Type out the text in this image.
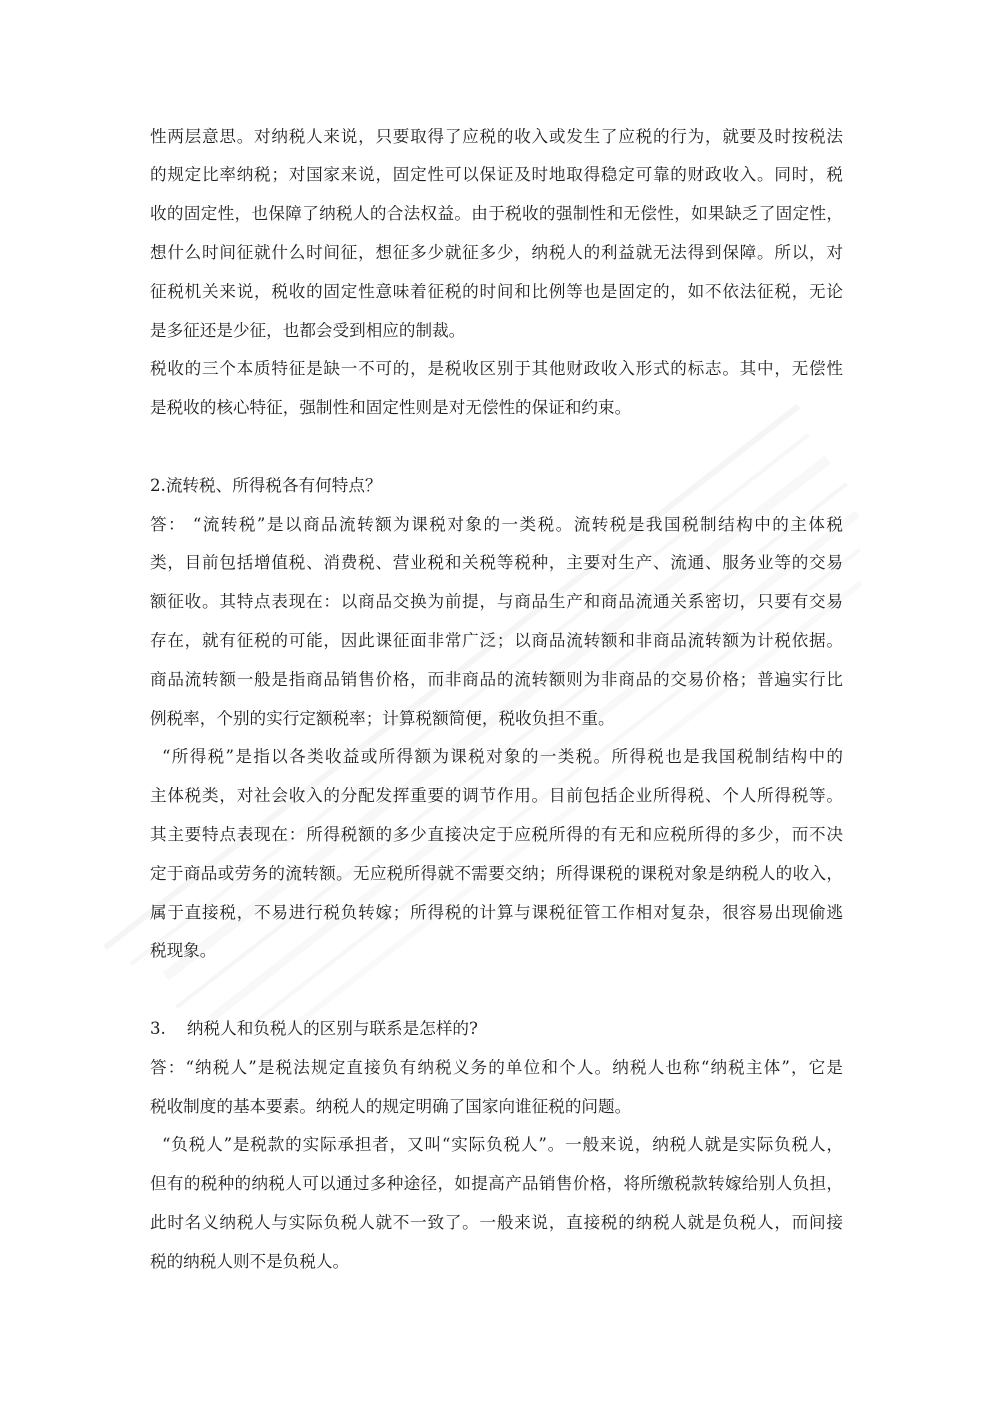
性两层意思。对纳税人来说，只要取得了应税的收入或发生了应税的行为，就要及时按税法
的规定比率纳税；对国家来说，固定性可以保证及时地取得稳定可靠的财政收入。同时，税
收的固定性，也保障了纳税人的合法权益。由于税收的强制性和无偿性，如果缺乏了固定性，
想什么时间征就什么时间征，想征多少就征多少，纳税人的利益就无法得到保障。所以，对
征税机关来说，税收的固定性意味着征税的时间和比例等也是固定的，如不依法征税，无论
是多征还是少征，也都会受到相应的制裁。
税收的三个本质特征是缺一不可的，是税收区别于其他财政收入形式的标志。其中，无偿性
是税收的核心特征，强制性和固定性则是对无偿性的保证和约束。
2.流转税、所得税各有何特点？
答： “流转税”是以商品流转额为课税对象的一类税。流转税是我国税制结构中的主体税
类，目前包括增值税、消费税、营业税和关税等税种，主要对生产、流通、服务业等的交易
额征收。其特点表现在：以商品交换为前提，与商品生产和商品流通关系密切，只要有交易
存在，就有征税的可能，因此课征面非常广泛；以商品流转额和非商品流转额为计税依据。
商品流转额一般是指商品销售价格，而非商品的流转额则为非商品的交易价格；普遍实行比
例税率，个别的实行定额税率；计算税额简便，税收负担不重。
“所得税”是指以各类收益或所得额为课税对象的一类税。所得税也是我国税制结构中的
主体税类，对社会收入的分配发挥重要的调节作用。目前包括企业所得税、个人所得税等。
其主要特点表现在：所得税额的多少直接决定于应税所得的有无和应税所得的多少，而不决
定于商品或劳务的流转额。无应税所得就不需要交纳；所得课税的课税对象是纳税人的收入，
属于直接税，不易进行税负转嫁；所得税的计算与课税征管工作相对复杂，很容易出现偷逃
税现象。
3.    纳税人和负税人的区别与联系是怎样的?
答：“纳税人”是税法规定直接负有纳税义务的单位和个人。纳税人也称“纳税主体”，它是
税收制度的基本要素。纳税人的规定明确了国家向谁征税的问题。
“负税人”是税款的实际承担者，又叫“实际负税人”。一般来说，纳税人就是实际负税人，
但有的税种的纳税人可以通过多种途径，如提高产品销售价格，将所缴税款转嫁给别人负担，
此时名义纳税人与实际负税人就不一致了。一般来说，直接税的纳税人就是负税人，而间接
税的纳税人则不是负税人。
